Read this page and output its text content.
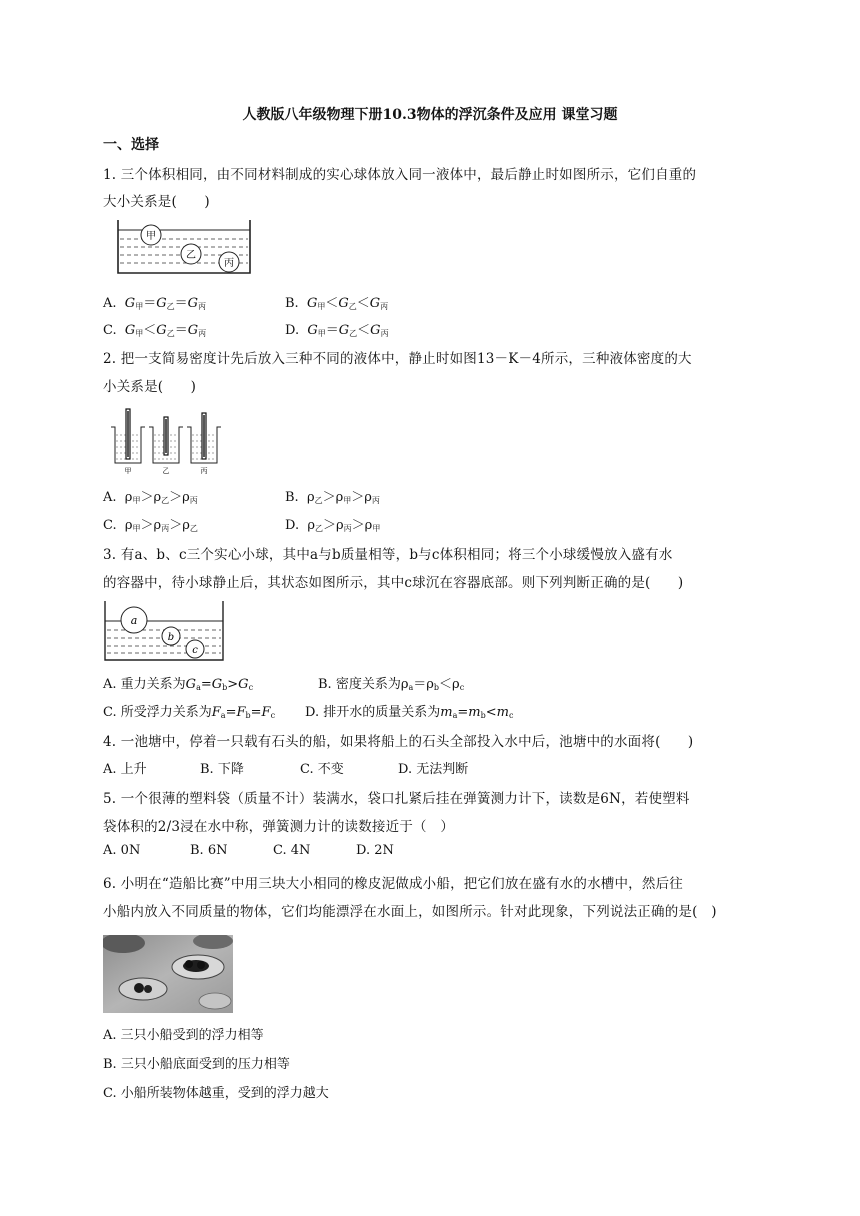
人教版八年级物理下册10.3物体的浮沉条件及应用 课堂习题
一、选择
1. 三个体积相同，由不同材料制成的实心球体放入同一液体中，最后静止时如图所示，它们自重的
大小关系是(　　)
甲
乙
丙
A. $G_甲=G_乙=G_丙$	B. $G_甲<G_乙<G_丙$
C. $G_甲<G_乙=G_丙$	D. $G_甲=G_乙<G_丙$
2. 把一支简易密度计先后放入三种不同的液体中，静止时如图13－K－4所示，三种液体密度的大
小关系是(　　)
甲	乙	丙
A.  $\rho_甲>\rho_乙>\rho_丙$	B.  $\rho_乙>\rho_甲>\rho_丙$
C.  $\rho_甲>\rho_丙>\rho_乙$	D.  $\rho_乙>\rho_丙>\rho_甲$
3. 有a、b、c三个实心小球，其中a与b质量相等，b与c体积相同；将三个小球缓慢放入盛有水
的容器中，待小球静止后，其状态如图所示，其中c球沉在容器底部。则下列判断正确的是(　　)
a
b
c
A. 重力关系为$G_a=G_b>G_c$	B. 密度关系为$\rho_a=\rho_b<\rho_c$
C. 所受浮力关系为$F_a=F_b=F_c$ D. 排开水的质量关系为$m_a=m_b<m_c$
4. 一池塘中，停着一只载有石头的船，如果将船上的石头全部投入水中后，池塘中的水面将(　　)
A. 上升	B. 下降	C. 不变	D. 无法判断
5. 一个很薄的塑料袋（质量不计）装满水，袋口扎紧后挂在弹簧测力计下，读数是6N，若使塑料
袋体积的2/3浸在水中称，弹簧测力计的读数接近于（　）
A. 0N	B. 6N	C. 4N	D. 2N
6. 小明在“造船比赛”中用三块大小相同的橡皮泥做成小船，把它们放在盛有水的水槽中，然后往
小船内放入不同质量的物体，它们均能漂浮在水面上，如图所示。针对此现象，下列说法正确的是(　)
A. 三只小船受到的浮力相等
B. 三只小船底面受到的压力相等
C. 小船所装物体越重，受到的浮力越大
